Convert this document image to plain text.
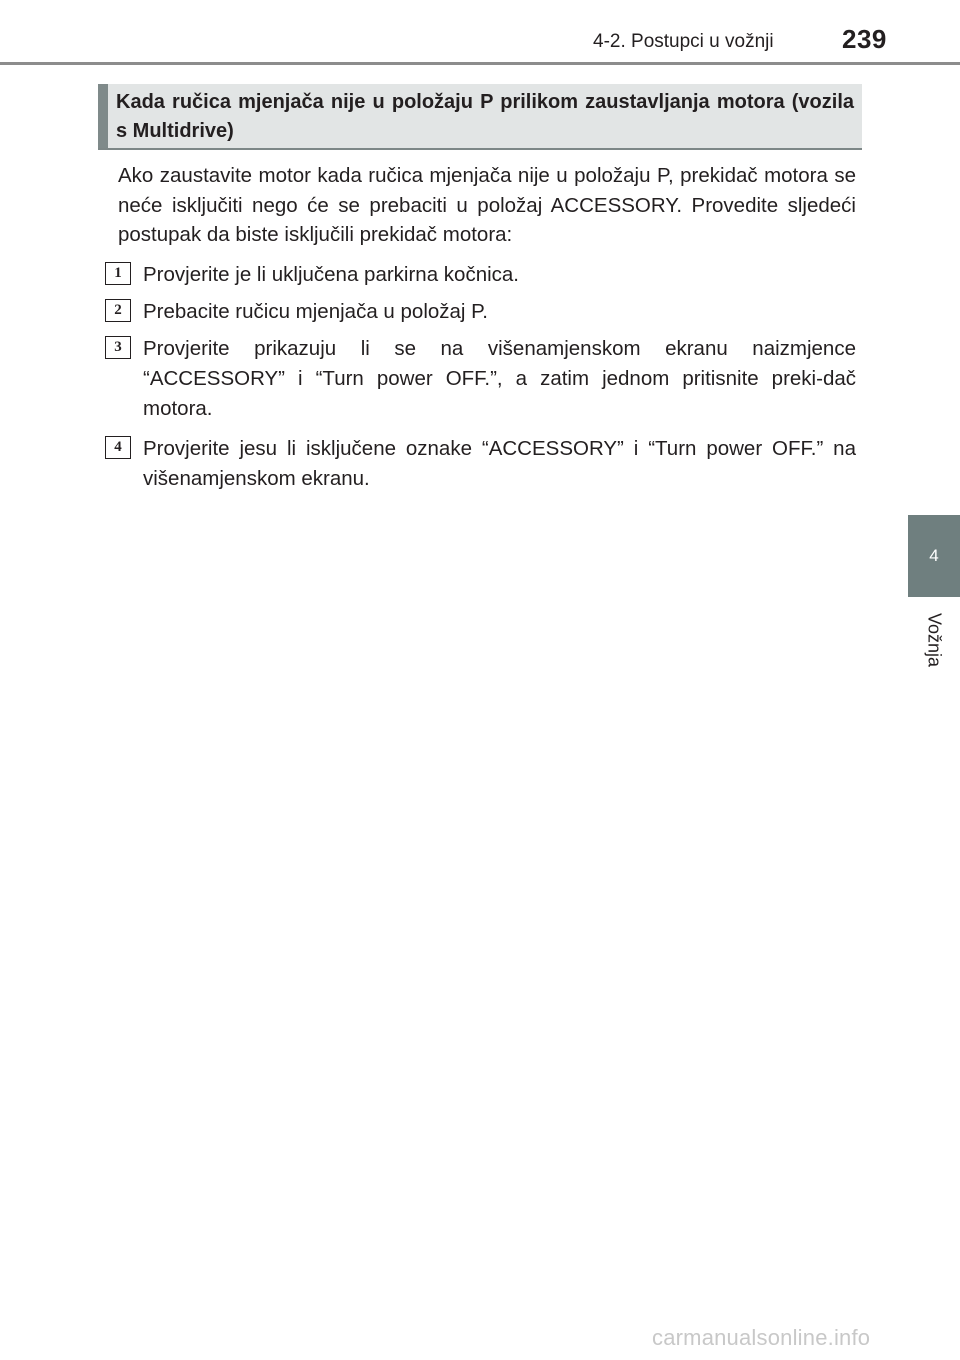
4-2. Postupci u vožnji	239
4
Vožnja
Kada ručica mjenjača nije u položaju P prilikom zaustavljanja motora (vozila s Multidrive)

Ako zaustavite motor kada ručica mjenjača nije u položaju P, prekidač motora se neće isključiti nego će se prebaciti u položaj ACCESSORY. Provedite sljedeći postupak da biste isključili prekidač motora:

1	Provjerite je li uključena parkirna kočnica.

2	Prebacite ručicu mjenjača u položaj P.

3	Provjerite prikazuju li se na višenamjenskom ekranu naizmjence “ACCESSORY” i “Turn power OFF.”, a zatim jednom pritisnite preki-dač motora.

4	Provjerite jesu li isključene oznake “ACCESSORY” i “Turn power OFF.” na višenamjenskom ekranu.

carmanualsonline.info
